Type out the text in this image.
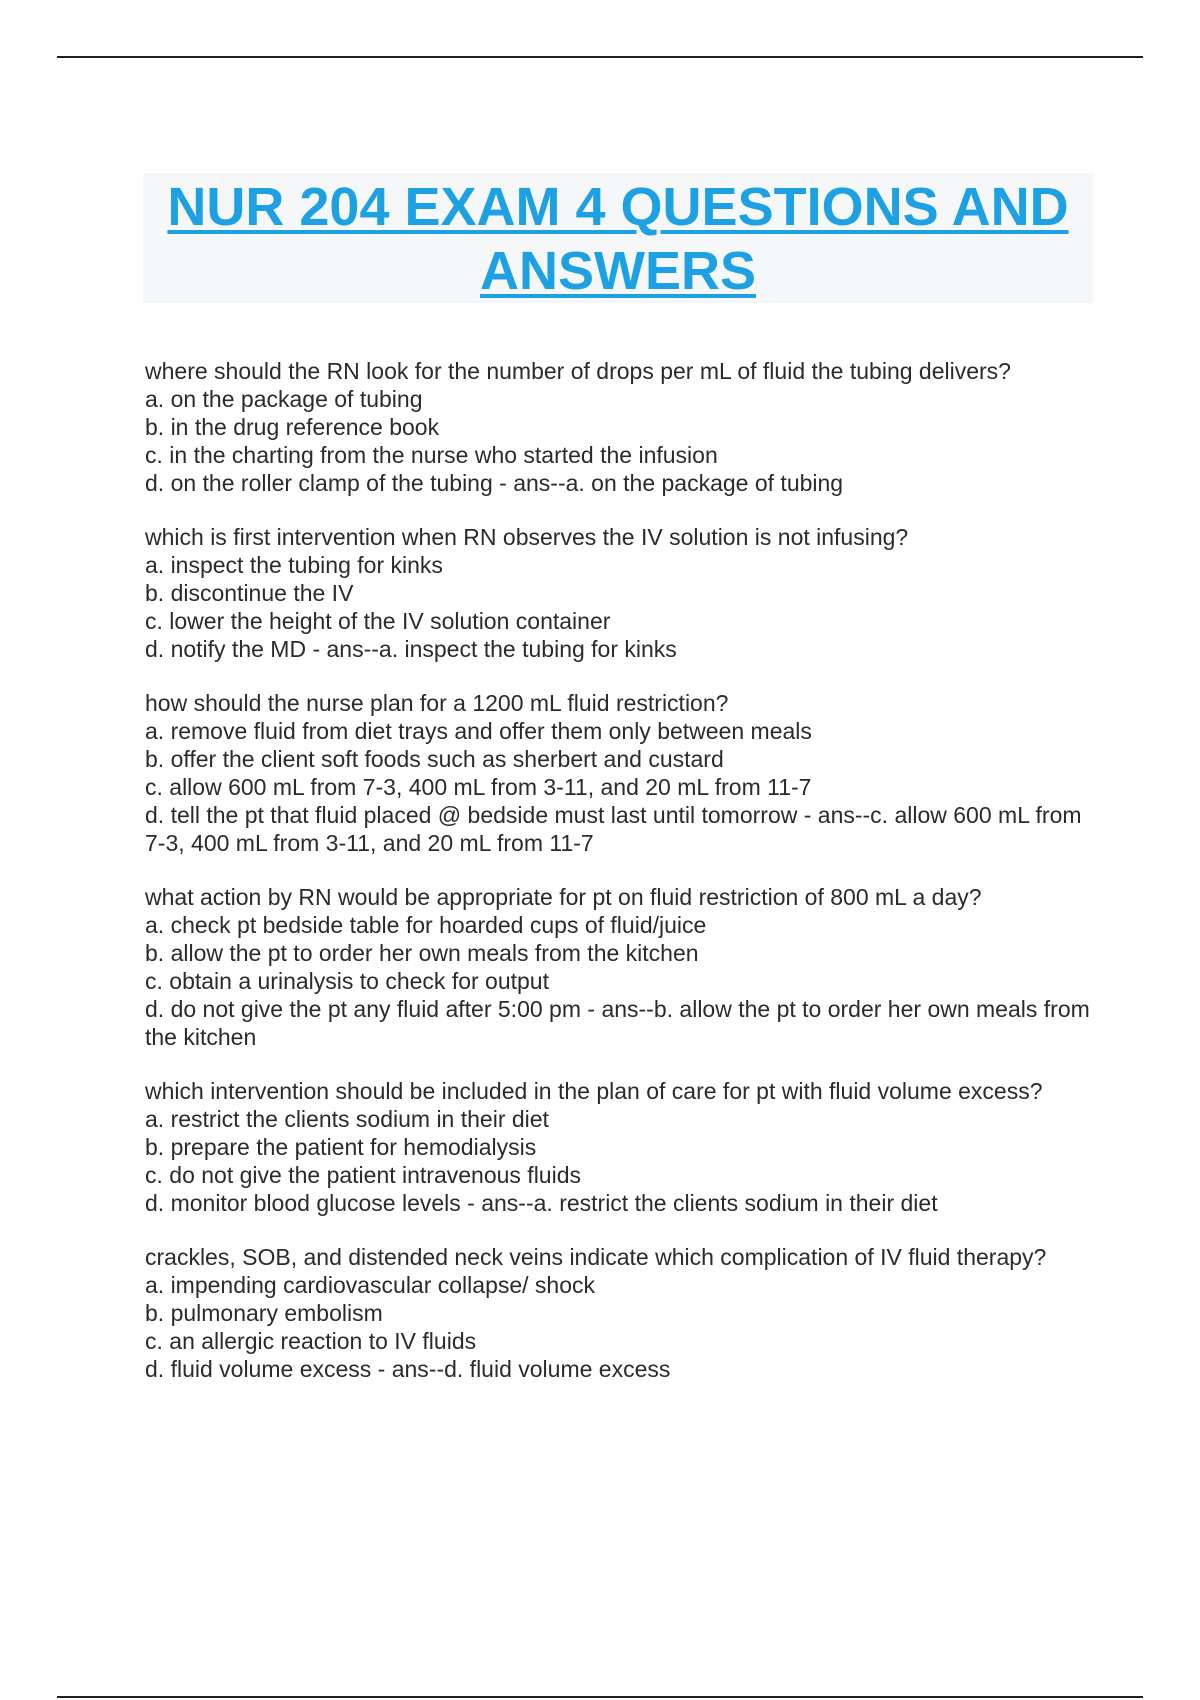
NUR 204 EXAM 4 QUESTIONS AND ANSWERS

where should the RN look for the number of drops per mL of fluid the tubing delivers?

a. on the package of tubing

b. in the drug reference book

c. in the charting from the nurse who started the infusion

d. on the roller clamp of the tubing - ans--a. on the package of tubing

which is first intervention when RN observes the IV solution is not infusing?

a. inspect the tubing for kinks

b. discontinue the IV

c. lower the height of the IV solution container

d. notify the MD - ans--a. inspect the tubing for kinks

how should the nurse plan for a 1200 mL fluid restriction?

a. remove fluid from diet trays and offer them only between meals

b. offer the client soft foods such as sherbert and custard

c. allow 600 mL from 7-3, 400 mL from 3-11, and 20 mL from 11-7

d. tell the pt that fluid placed @ bedside must last until tomorrow - ans--c. allow 600 mL from 7-3, 400 mL from 3-11, and 20 mL from 11-7

what action by RN would be appropriate for pt on fluid restriction of 800 mL a day?

a. check pt bedside table for hoarded cups of fluid/juice

b. allow the pt to order her own meals from the kitchen

c. obtain a urinalysis to check for output

d. do not give the pt any fluid after 5:00 pm - ans--b. allow the pt to order her own meals from the kitchen

which intervention should be included in the plan of care for pt with fluid volume excess?

a. restrict the clients sodium in their diet

b. prepare the patient for hemodialysis

c. do not give the patient intravenous fluids

d. monitor blood glucose levels - ans--a. restrict the clients sodium in their diet

crackles, SOB, and distended neck veins indicate which complication of IV fluid therapy?

a. impending cardiovascular collapse/ shock

b. pulmonary embolism

c. an allergic reaction to IV fluids

d. fluid volume excess - ans--d. fluid volume excess
